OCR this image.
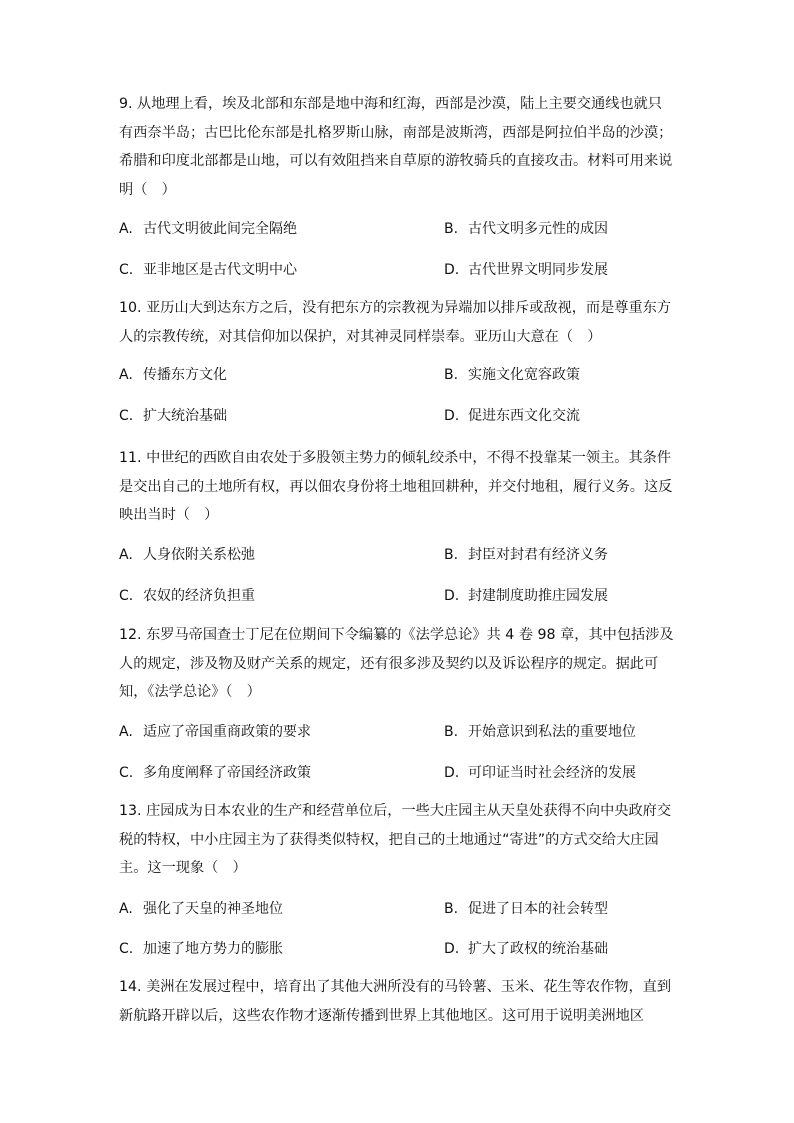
9. 从地理上看，埃及北部和东部是地中海和红海，西部是沙漠，陆上主要交通线也就只有西奈半岛；古巴比伦东部是扎格罗斯山脉，南部是波斯湾，西部是阿拉伯半岛的沙漠；希腊和印度北部都是山地，可以有效阻挡来自草原的游牧骑兵的直接攻击。材料可用来说明（　）

A. 古代文明彼此间完全隔绝	B. 古代文明多元性的成因
C. 亚非地区是古代文明中心	D. 古代世界文明同步发展

10. 亚历山大到达东方之后，没有把东方的宗教视为异端加以排斥或敌视，而是尊重东方人的宗教传统，对其信仰加以保护，对其神灵同样崇奉。亚历山大意在（　）

A. 传播东方文化	B. 实施文化宽容政策
C. 扩大统治基础	D. 促进东西文化交流

11. 中世纪的西欧自由农处于多股领主势力的倾轧绞杀中，不得不投靠某一领主。其条件是交出自己的土地所有权，再以佃农身份将土地租回耕种，并交付地租，履行义务。这反映出当时（　）

A. 人身依附关系松弛	B. 封臣对封君有经济义务
C. 农奴的经济负担重	D. 封建制度助推庄园发展

12. 东罗马帝国查士丁尼在位期间下令编纂的《法学总论》共 4 卷 98 章，其中包括涉及人的规定，涉及物及财产关系的规定，还有很多涉及契约以及诉讼程序的规定。据此可知，《法学总论》（　）

A. 适应了帝国重商政策的要求	B. 开始意识到私法的重要地位
C. 多角度阐释了帝国经济政策	D. 可印证当时社会经济的发展

13. 庄园成为日本农业的生产和经营单位后，一些大庄园主从天皇处获得不向中央政府交税的特权，中小庄园主为了获得类似特权，把自己的土地通过“寄进”的方式交给大庄园主。这一现象（　）

A. 强化了天皇的神圣地位	B. 促进了日本的社会转型
C. 加速了地方势力的膨胀	D. 扩大了政权的统治基础

14. 美洲在发展过程中，培育出了其他大洲所没有的马铃薯、玉米、花生等农作物，直到新航路开辟以后，这些农作物才逐渐传播到世界上其他地区。这可用于说明美洲地区
